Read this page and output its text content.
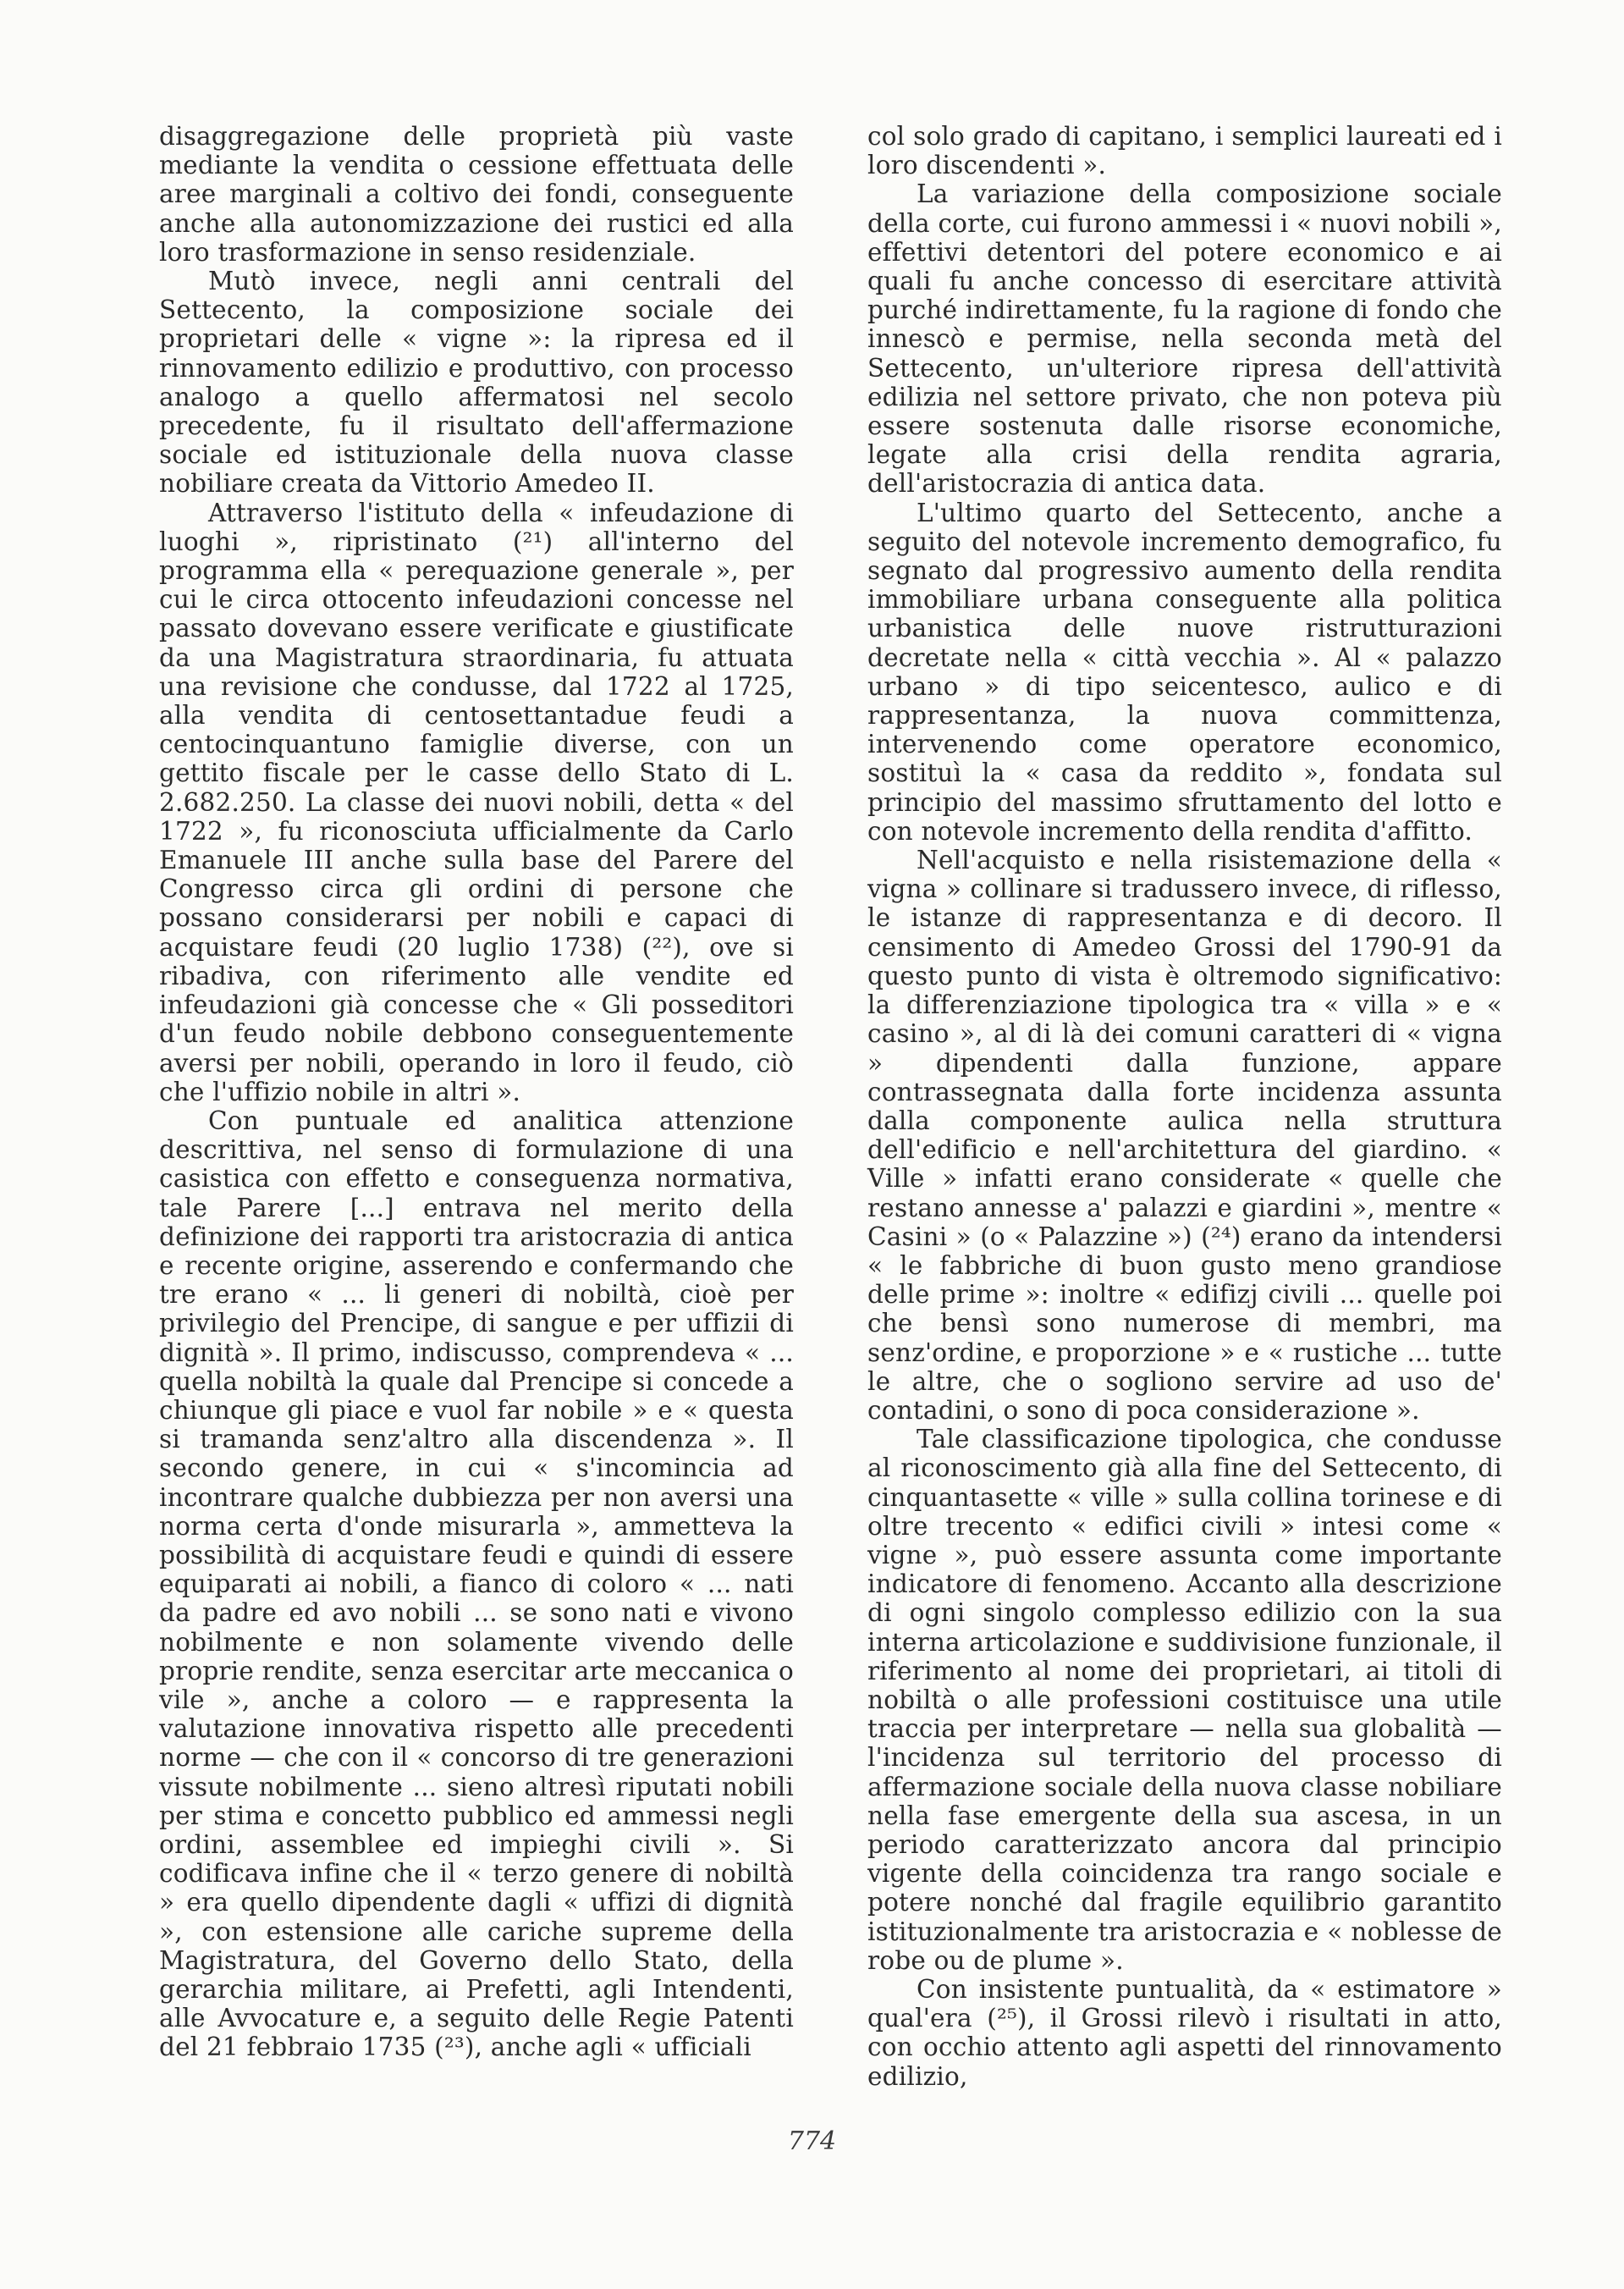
disaggregazione delle proprietà più vaste mediante la vendita o cessione effettuata delle aree marginali a coltivo dei fondi, conseguente anche alla autonomizzazione dei rustici ed alla loro trasformazione in senso residenziale.

Mutò invece, negli anni centrali del Settecento, la composizione sociale dei proprietari delle « vigne »: la ripresa ed il rinnovamento edilizio e produttivo, con processo analogo a quello affermatosi nel secolo precedente, fu il risultato dell'affermazione sociale ed istituzionale della nuova classe nobiliare creata da Vittorio Amedeo II.

Attraverso l'istituto della « infeudazione di luoghi », ripristinato (²¹) all'interno del programma ella « perequazione generale », per cui le circa ottocento infeudazioni concesse nel passato dovevano essere verificate e giustificate da una Magistratura straordinaria, fu attuata una revisione che condusse, dal 1722 al 1725, alla vendita di centosettantadue feudi a centocinquantuno famiglie diverse, con un gettito fiscale per le casse dello Stato di L. 2.682.250. La classe dei nuovi nobili, detta « del 1722 », fu riconosciuta ufficialmente da Carlo Emanuele III anche sulla base del Parere del Congresso circa gli ordini di persone che possano considerarsi per nobili e capaci di acquistare feudi (20 luglio 1738) (²²), ove si ribadiva, con riferimento alle vendite ed infeudazioni già concesse che « Gli posseditori d'un feudo nobile debbono conseguentemente aversi per nobili, operando in loro il feudo, ciò che l'uffizio nobile in altri ».

Con puntuale ed analitica attenzione descrittiva, nel senso di formulazione di una casistica con effetto e conseguenza normativa, tale Parere [...] entrava nel merito della definizione dei rapporti tra aristocrazia di antica e recente origine, asserendo e confermando che tre erano « ... li generi di nobiltà, cioè per privilegio del Prencipe, di sangue e per uffizii di dignità ». Il primo, indiscusso, comprendeva « ... quella nobiltà la quale dal Prencipe si concede a chiunque gli piace e vuol far nobile » e « questa si tramanda senz'altro alla discendenza ». Il secondo genere, in cui « s'incomincia ad incontrare qualche dubbiezza per non aversi una norma certa d'onde misurarla », ammetteva la possibilità di acquistare feudi e quindi di essere equiparati ai nobili, a fianco di coloro « ... nati da padre ed avo nobili ... se sono nati e vivono nobilmente e non solamente vivendo delle proprie rendite, senza esercitar arte meccanica o vile », anche a coloro — e rappresenta la valutazione innovativa rispetto alle precedenti norme — che con il « concorso di tre generazioni vissute nobilmente ... sieno altresì riputati nobili per stima e concetto pubblico ed ammessi negli ordini, assemblee ed impieghi civili ». Si codificava infine che il « terzo genere di nobiltà » era quello dipendente dagli « uffizi di dignità », con estensione alle cariche supreme della Magistratura, del Governo dello Stato, della gerarchia militare, ai Prefetti, agli Intendenti, alle Avvocature e, a seguito delle Regie Patenti del 21 febbraio 1735 (²³), anche agli « ufficiali

col solo grado di capitano, i semplici laureati ed i loro discendenti ».

La variazione della composizione sociale della corte, cui furono ammessi i « nuovi nobili », effettivi detentori del potere economico e ai quali fu anche concesso di esercitare attività purché indirettamente, fu la ragione di fondo che innescò e permise, nella seconda metà del Settecento, un'ulteriore ripresa dell'attività edilizia nel settore privato, che non poteva più essere sostenuta dalle risorse economiche, legate alla crisi della rendita agraria, dell'aristocrazia di antica data.

L'ultimo quarto del Settecento, anche a seguito del notevole incremento demografico, fu segnato dal progressivo aumento della rendita immobiliare urbana conseguente alla politica urbanistica delle nuove ristrutturazioni decretate nella « città vecchia ». Al « palazzo urbano » di tipo seicentesco, aulico e di rappresentanza, la nuova committenza, intervenendo come operatore economico, sostituì la « casa da reddito », fondata sul principio del massimo sfruttamento del lotto e con notevole incremento della rendita d'affitto.

Nell'acquisto e nella risistemazione della « vigna » collinare si tradussero invece, di riflesso, le istanze di rappresentanza e di decoro. Il censimento di Amedeo Grossi del 1790-91 da questo punto di vista è oltremodo significativo: la differenziazione tipologica tra « villa » e « casino », al di là dei comuni caratteri di « vigna » dipendenti dalla funzione, appare contrassegnata dalla forte incidenza assunta dalla componente aulica nella struttura dell'edificio e nell'architettura del giardino. « Ville » infatti erano considerate « quelle che restano annesse a' palazzi e giardini », mentre « Casini » (o « Palazzine ») (²⁴) erano da intendersi « le fabbriche di buon gusto meno grandiose delle prime »: inoltre « edifizj civili ... quelle poi che bensì sono numerose di membri, ma senz'ordine, e proporzione » e « rustiche ... tutte le altre, che o sogliono servire ad uso de' contadini, o sono di poca considerazione ».

Tale classificazione tipologica, che condusse al riconoscimento già alla fine del Settecento, di cinquantasette « ville » sulla collina torinese e di oltre trecento « edifici civili » intesi come « vigne », può essere assunta come importante indicatore di fenomeno. Accanto alla descrizione di ogni singolo complesso edilizio con la sua interna articolazione e suddivisione funzionale, il riferimento al nome dei proprietari, ai titoli di nobiltà o alle professioni costituisce una utile traccia per interpretare — nella sua globalità — l'incidenza sul territorio del processo di affermazione sociale della nuova classe nobiliare nella fase emergente della sua ascesa, in un periodo caratterizzato ancora dal principio vigente della coincidenza tra rango sociale e potere nonché dal fragile equilibrio garantito istituzionalmente tra aristocrazia e « noblesse de robe ou de plume ».

Con insistente puntualità, da « estimatore » qual'era (²⁵), il Grossi rilevò i risultati in atto, con occhio attento agli aspetti del rinnovamento edilizio,

774
